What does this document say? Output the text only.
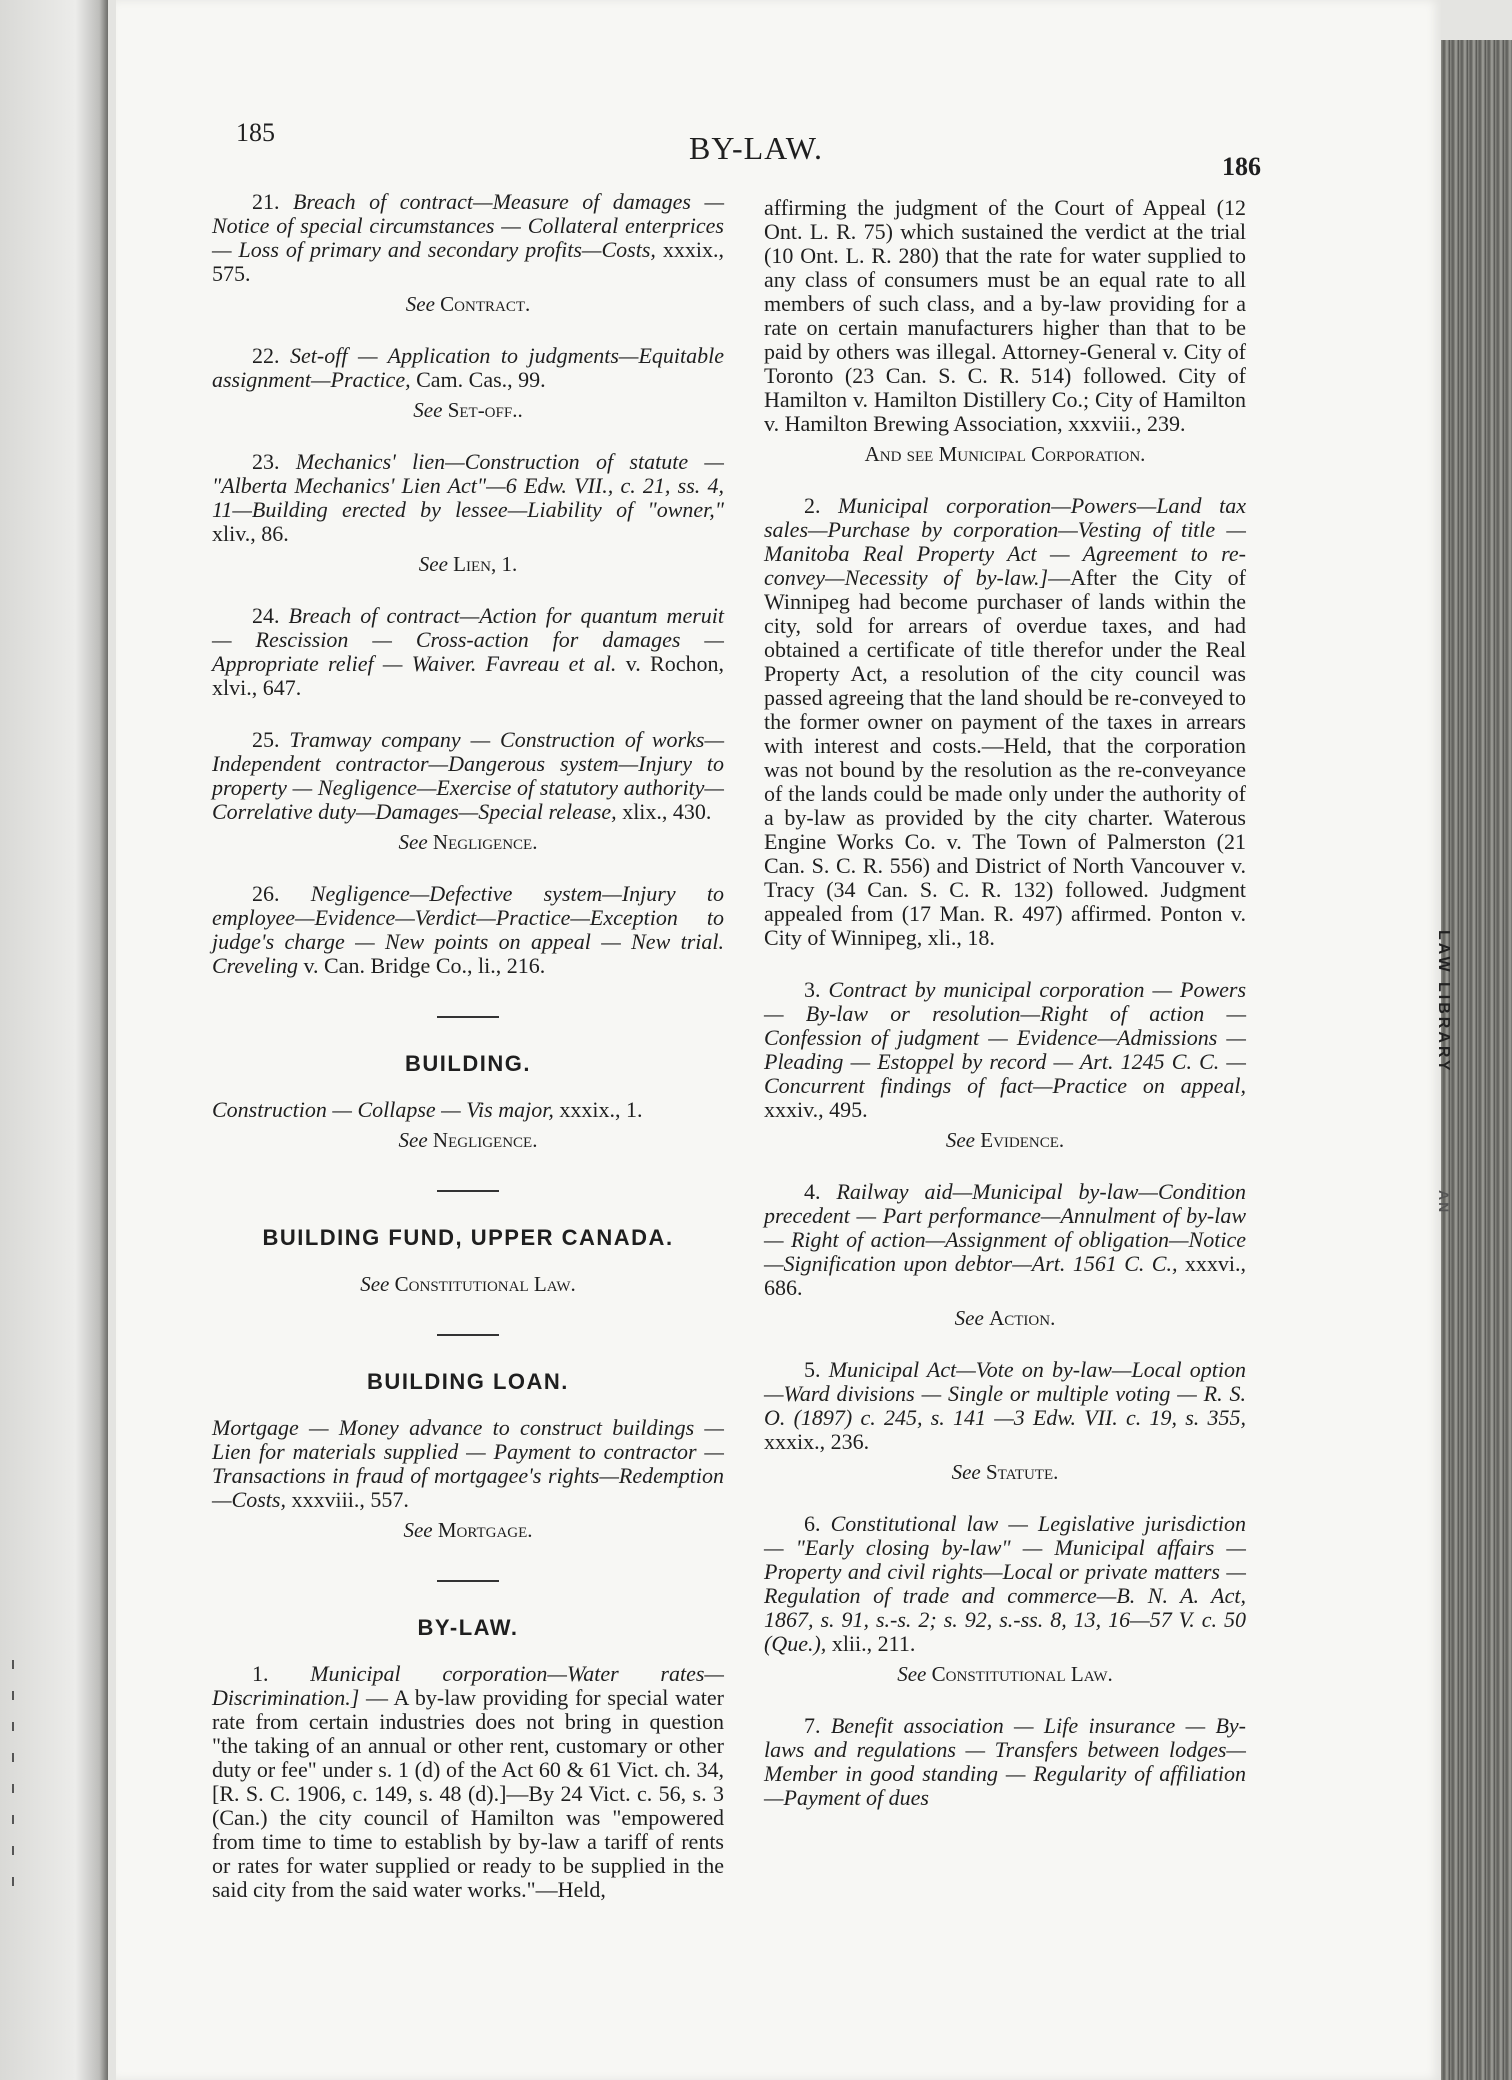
LAW LIBRARY
AN
185	BY-LAW.
186

21. Breach of contract—Measure of damages — Notice of special circumstances — Collateral enterprices — Loss of primary and secondary profits—Costs, xxxix., 575.

See Contract.

22. Set-off — Application to judgments—Equitable assignment—Practice, Cam. Cas., 99.

See Set-off..

23. Mechanics' lien—Construction of statute — "Alberta Mechanics' Lien Act"—6 Edw. VII., c. 21, ss. 4, 11—Building erected by lessee—Liability of "owner," xliv., 86.

See Lien, 1.

24. Breach of contract—Action for quantum meruit — Rescission — Cross-action for damages — Appropriate relief — Waiver. Favreau et al. v. Rochon, xlvi., 647.

25. Tramway company — Construction of works—Independent contractor—Dangerous system—Injury to property — Negligence—Exercise of statutory authority—Correlative duty—Damages—Special release, xlix., 430.

See Negligence.

26. Negligence—Defective system—Injury to employee—Evidence—Verdict—Practice—Exception to judge's charge — New points on appeal — New trial. Creveling v. Can. Bridge Co., li., 216.

BUILDING.

Construction — Collapse — Vis major, xxxix., 1.

See Negligence.

BUILDING FUND, UPPER CANADA.

See Constitutional Law.

BUILDING LOAN.

Mortgage — Money advance to construct buildings — Lien for materials supplied — Payment to contractor — Transactions in fraud of mortgagee's rights—Redemption—Costs, xxxviii., 557.

See Mortgage.

BY-LAW.

1. Municipal corporation—Water rates—Discrimination.] — A by-law providing for special water rate from certain industries does not bring in question "the taking of an annual or other rent, customary or other duty or fee" under s. 1 (d) of the Act 60 & 61 Vict. ch. 34, [R. S. C. 1906, c. 149, s. 48 (d).]—By 24 Vict. c. 56, s. 3 (Can.) the city council of Hamilton was "empowered from time to time to establish by by-law a tariff of rents or rates for water supplied or ready to be supplied in the said city from the said water works."—Held,

affirming the judgment of the Court of Appeal (12 Ont. L. R. 75) which sustained the verdict at the trial (10 Ont. L. R. 280) that the rate for water supplied to any class of consumers must be an equal rate to all members of such class, and a by-law providing for a rate on certain manufacturers higher than that to be paid by others was illegal. Attorney-General v. City of Toronto (23 Can. S. C. R. 514) followed. City of Hamilton v. Hamilton Distillery Co.; City of Hamilton v. Hamilton Brewing Association, xxxviii., 239.

And see Municipal Corporation.

2. Municipal corporation—Powers—Land tax sales—Purchase by corporation—Vesting of title — Manitoba Real Property Act — Agreement to re-convey—Necessity of by-law.]—After the City of Winnipeg had become purchaser of lands within the city, sold for arrears of overdue taxes, and had obtained a certificate of title therefor under the Real Property Act, a resolution of the city council was passed agreeing that the land should be re-conveyed to the former owner on payment of the taxes in arrears with interest and costs.—Held, that the corporation was not bound by the resolution as the re-conveyance of the lands could be made only under the authority of a by-law as provided by the city charter. Waterous Engine Works Co. v. The Town of Palmerston (21 Can. S. C. R. 556) and District of North Vancouver v. Tracy (34 Can. S. C. R. 132) followed. Judgment appealed from (17 Man. R. 497) affirmed. Ponton v. City of Winnipeg, xli., 18.

3. Contract by municipal corporation — Powers — By-law or resolution—Right of action — Confession of judgment — Evidence—Admissions — Pleading — Estoppel by record — Art. 1245 C. C. —Concurrent findings of fact—Practice on appeal, xxxiv., 495.

See Evidence.

4. Railway aid—Municipal by-law—Condition precedent — Part performance—Annulment of by-law — Right of action—Assignment of obligation—Notice—Signification upon debtor—Art. 1561 C. C., xxxvi., 686.

See Action.

5. Municipal Act—Vote on by-law—Local option—Ward divisions — Single or multiple voting — R. S. O. (1897) c. 245, s. 141 —3 Edw. VII. c. 19, s. 355, xxxix., 236.

See Statute.

6. Constitutional law — Legislative jurisdiction — "Early closing by-law" — Municipal affairs — Property and civil rights—Local or private matters — Regulation of trade and commerce—B. N. A. Act, 1867, s. 91, s.-s. 2; s. 92, s.-ss. 8, 13, 16—57 V. c. 50 (Que.), xlii., 211.

See Constitutional Law.

7. Benefit association — Life insurance — By-laws and regulations — Transfers between lodges—Member in good standing — Regularity of affiliation—Payment of dues
